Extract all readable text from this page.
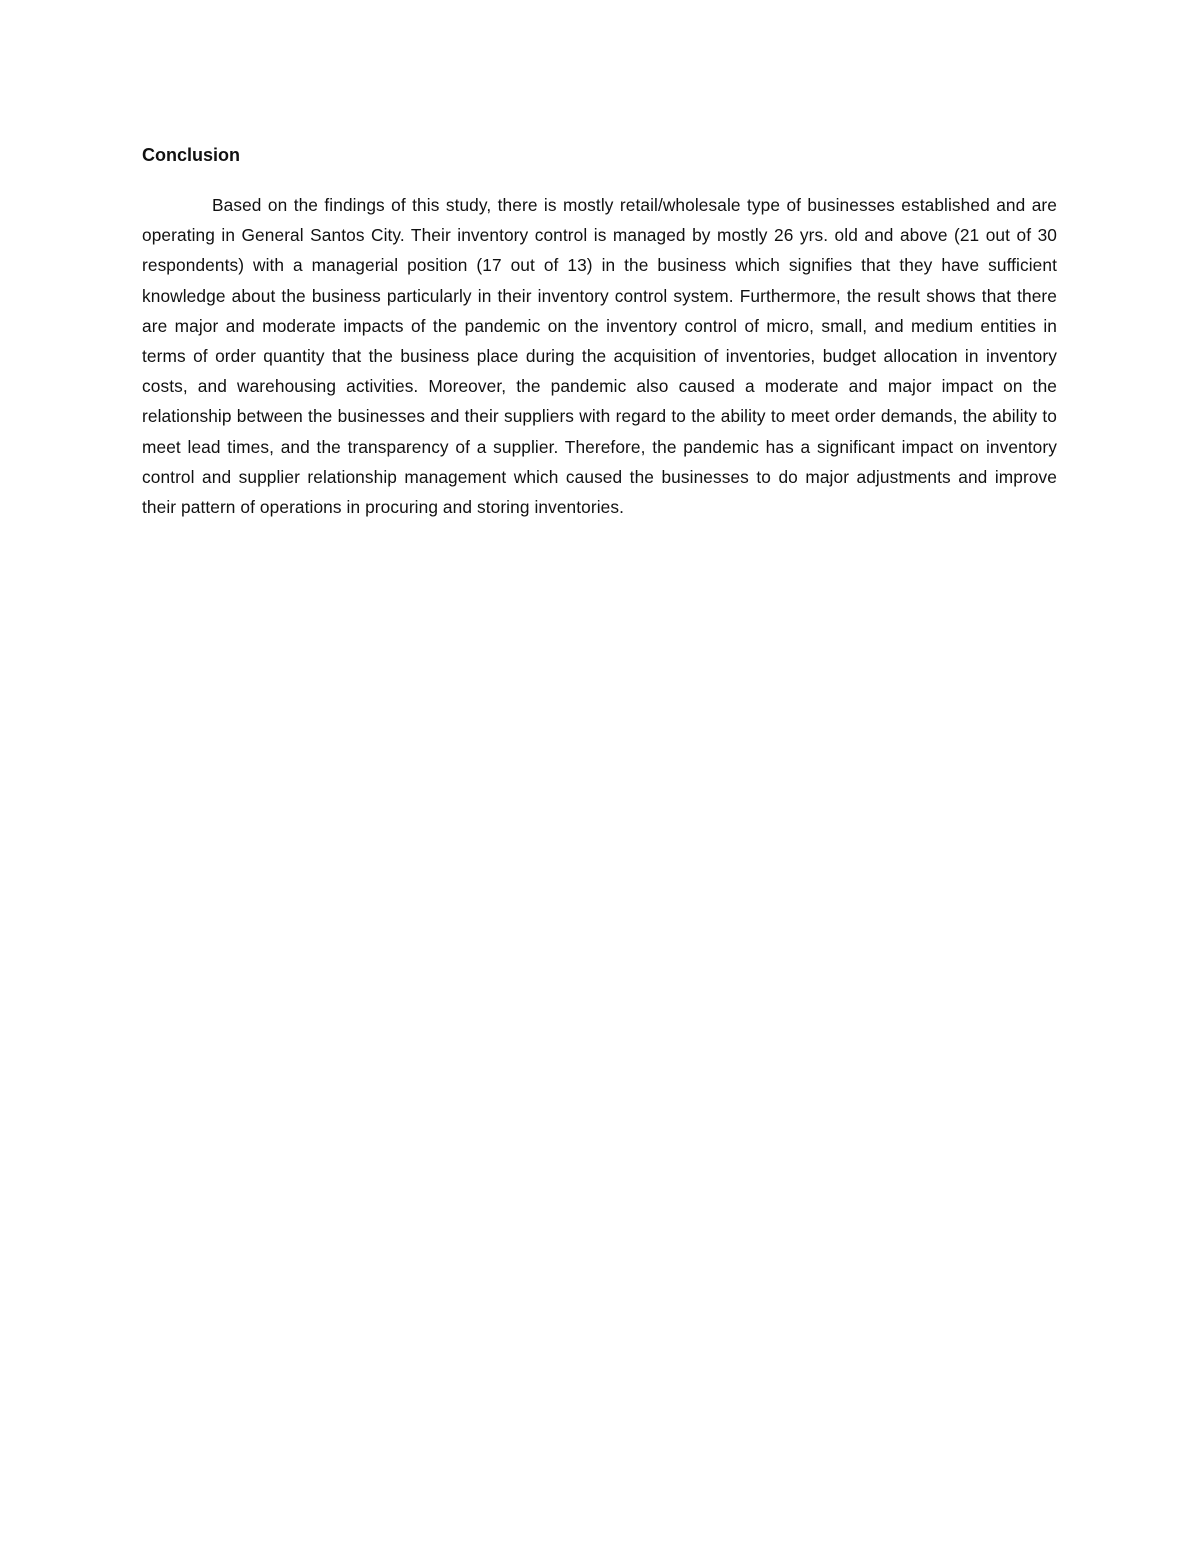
Conclusion

Based on the findings of this study, there is mostly retail/wholesale type of businesses established and are operating in General Santos City. Their inventory control is managed by mostly 26 yrs. old and above (21 out of 30 respondents) with a managerial position (17 out of 13) in the business which signifies that they have sufficient knowledge about the business particularly in their inventory control system. Furthermore, the result shows that there are major and moderate impacts of the pandemic on the inventory control of micro, small, and medium entities in terms of order quantity that the business place during the acquisition of inventories, budget allocation in inventory costs, and warehousing activities. Moreover, the pandemic also caused a moderate and major impact on the relationship between the businesses and their suppliers with regard to the ability to meet order demands, the ability to meet lead times, and the transparency of a supplier. Therefore, the pandemic has a significant impact on inventory control and supplier relationship management which caused the businesses to do major adjustments and improve their pattern of operations in procuring and storing inventories.
